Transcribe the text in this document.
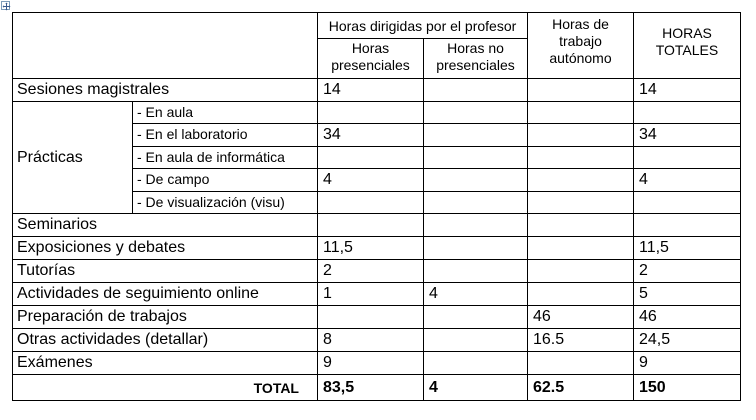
		Horas dirigidas por el profesor		Horas de trabajo autónomo	HORAS TOTALES
		Horas presenciales	Horas no presenciales		
Sesiones magistrales		14			14
Prácticas	- En aula				
	- En el laboratorio	34			34
	- En aula de informática				
	- De campo	4			4
	- De visualización (visu)				
Seminarios					
Exposiciones y debates		11,5			11,5
Tutorías		2			2
Actividades de seguimiento online		1	4		5
Preparación de trabajos				46	46
Otras actividades (detallar)		8		16.5	24,5
Exámenes		9			9
TOTAL		83,5	4	62.5	150
